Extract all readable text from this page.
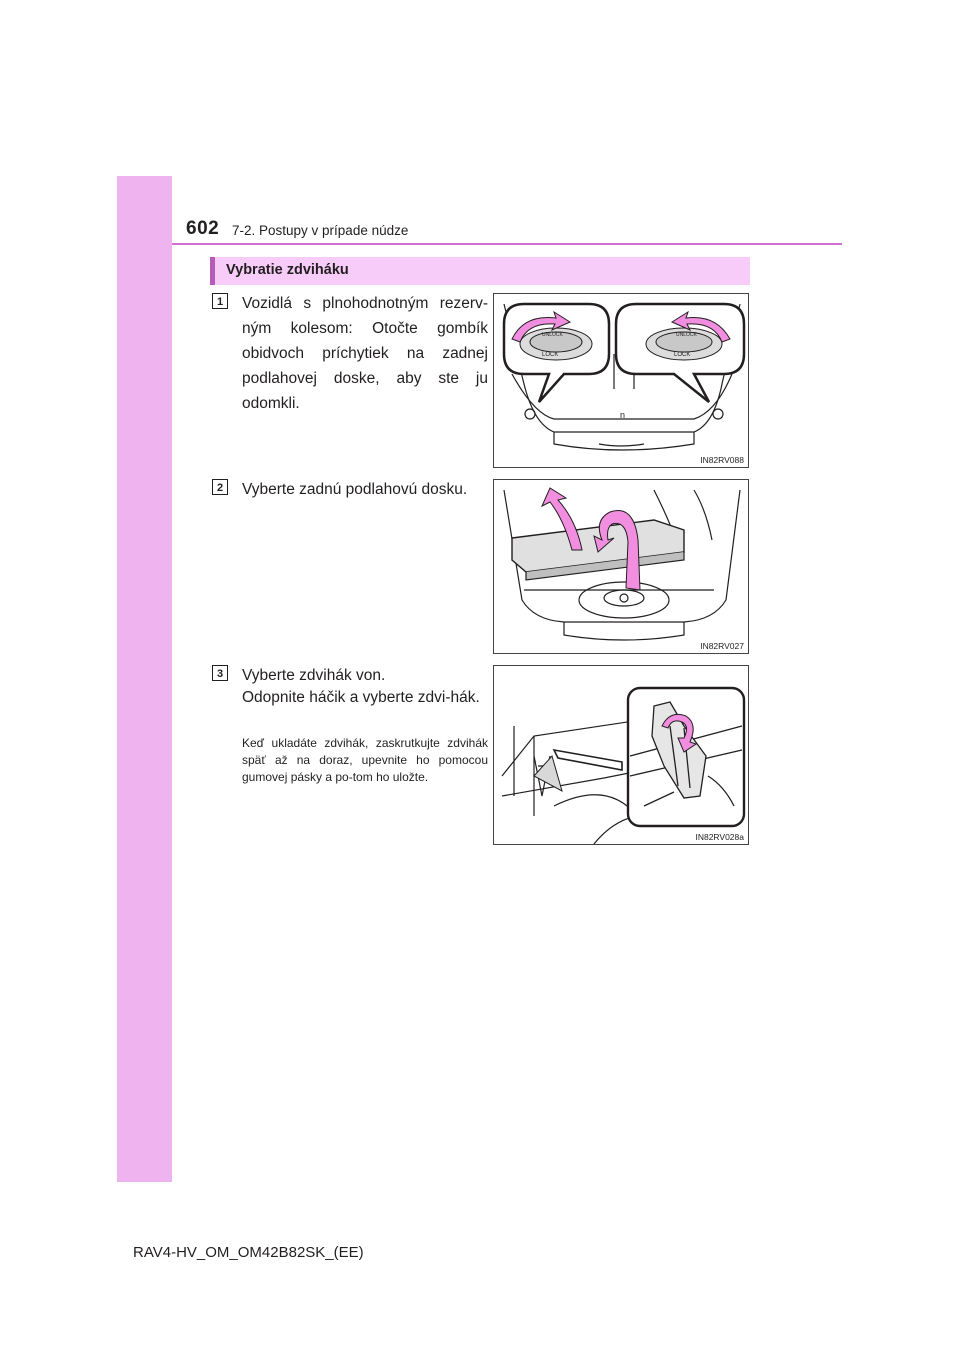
602 7-2. Postupy v prípade núdze
Vybratie zdviháku
1	Vozidlá s plnohodnotným rezerv-ným kolesom: Otočte gombík obidvoch príchytiek na zadnej podlahovej doske, aby ste ju odomkli.

LOCK	LOCK
UNLOCK	UNLOCK
n
IN82RV088
2	Vyberte zadnú podlahovú dosku.

IN82RV027
3	Vyberte zdvihák von.

Odopnite háčik a vyberte zdvi-hák.

Keď ukladáte zdvihák, zaskrutkujte zdvihák späť až na doraz, upevnite ho pomocou gumovej pásky a po-tom ho uložte.

IN82RV028a
RAV4-HV_OM_OM42B82SK_(EE)
